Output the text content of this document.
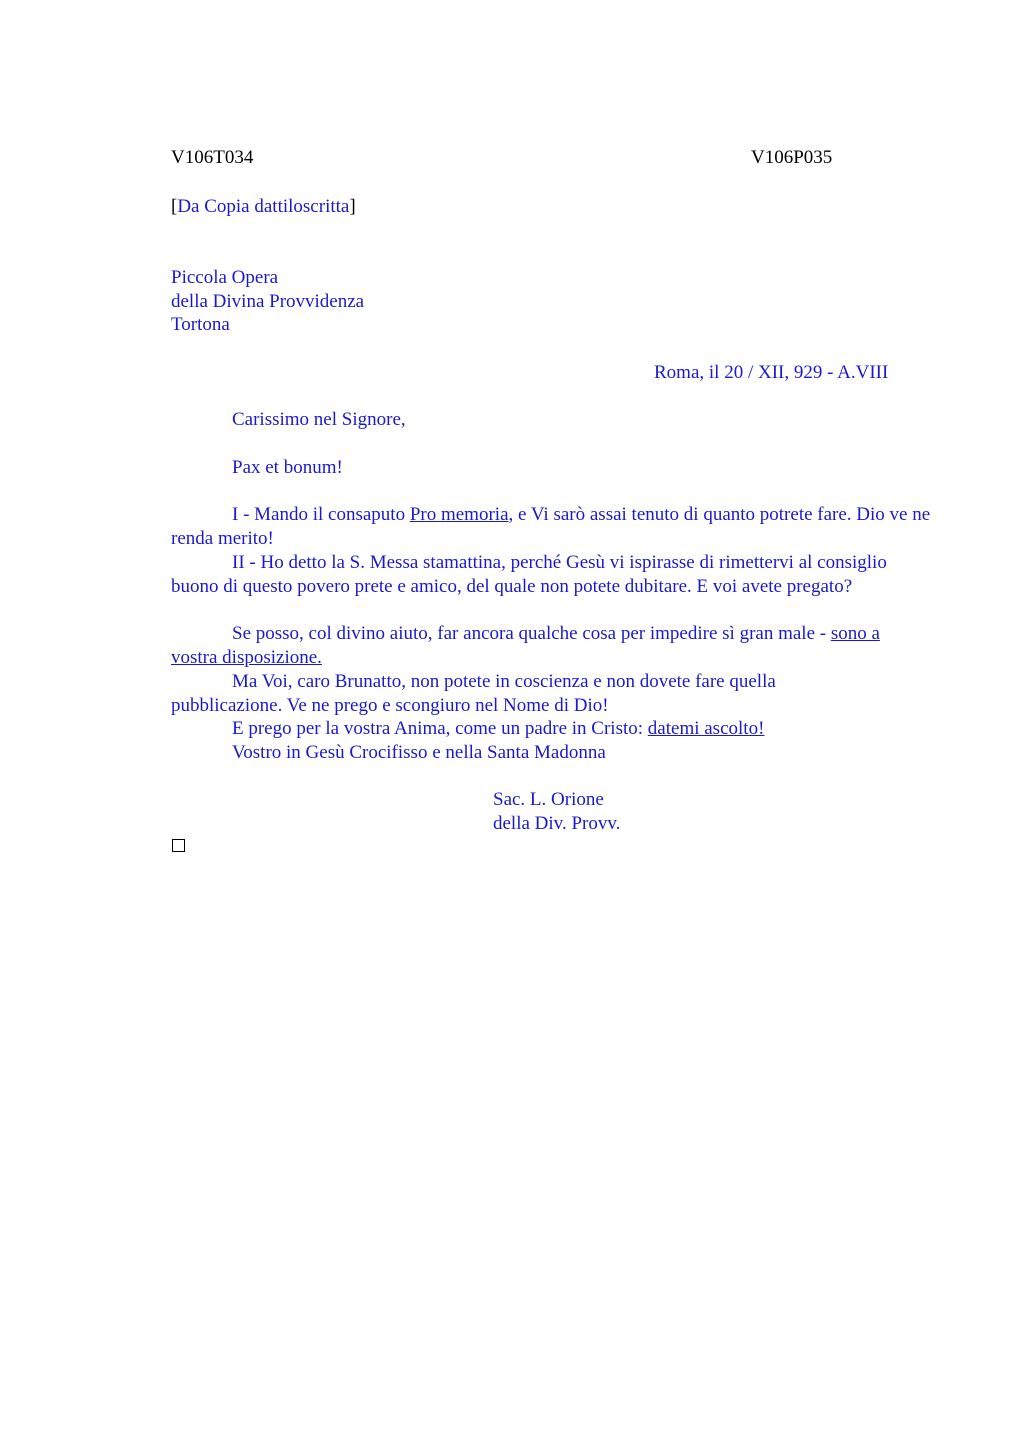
V106T034	V106P035
[Da Copia dattiloscritta]
Piccola Opera
della Divina Provvidenza
Tortona
Roma, il 20 / XII, 929 - A.VIII
Carissimo nel Signore,
Pax et bonum!
I - Mando il consaputo Pro memoria, e Vi sarò assai tenuto di quanto potrete fare. Dio ve ne renda merito!
II - Ho detto la S. Messa stamattina, perché Gesù vi ispirasse di rimettervi al consiglio buono di questo povero prete e amico, del quale non potete dubitare. E voi avete pregato?
Se posso, col divino aiuto, far ancora qualche cosa per impedire sì gran male - sono a vostra disposizione.
Ma Voi, caro Brunatto, non potete in coscienza e non dovete fare quella pubblicazione. Ve ne prego e scongiuro nel Nome di Dio!
E prego per la vostra Anima, come un padre in Cristo: datemi ascolto!
Vostro in Gesù Crocifisso e nella Santa Madonna
Sac. L. Orione
della Div. Provv.
